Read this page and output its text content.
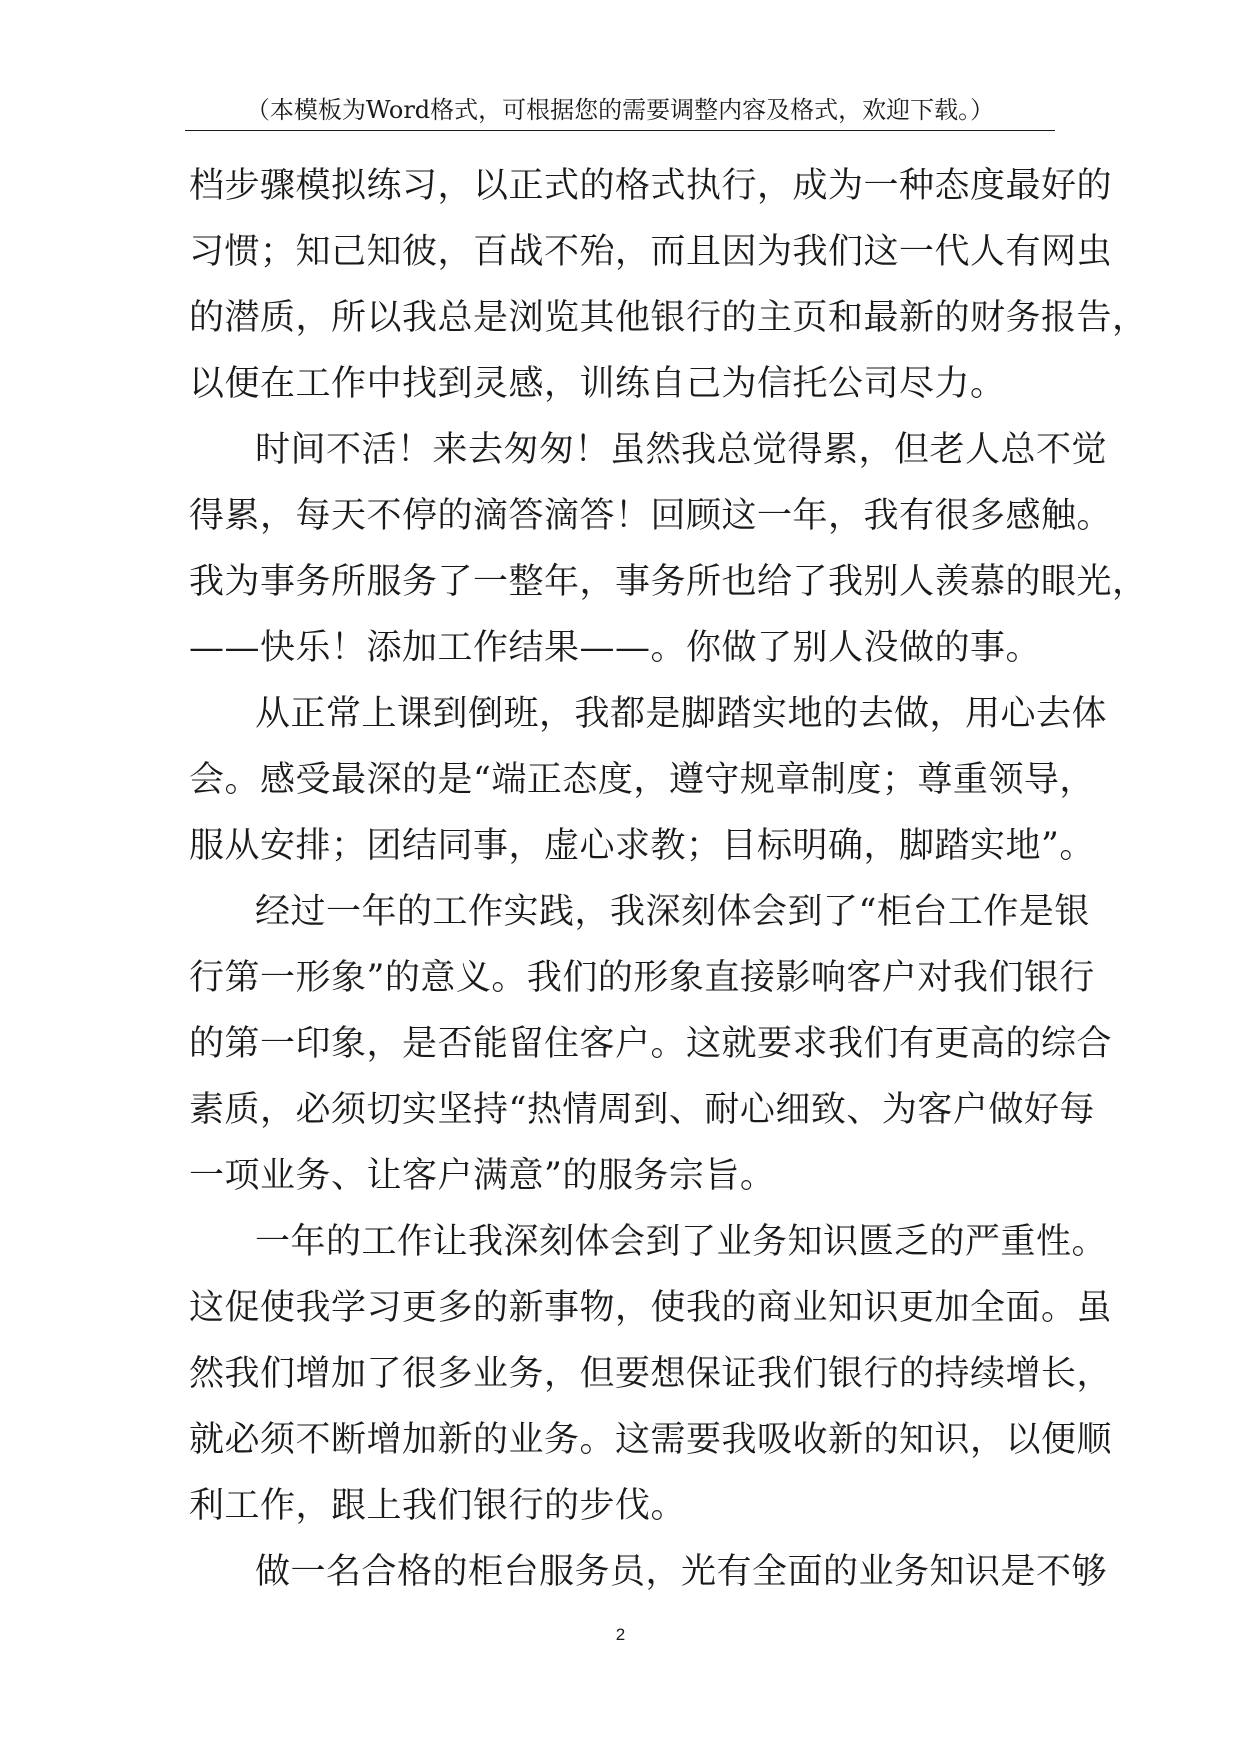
（本模板为Word格式，可根据您的需要调整内容及格式，欢迎下载。）

档步骤模拟练习，以正式的格式执行，成为一种态度最好的
习惯；知己知彼，百战不殆，而且因为我们这一代人有网虫
的潜质，所以我总是浏览其他银行的主页和最新的财务报告，
以便在工作中找到灵感，训练自己为信托公司尽力。

时间不活！来去匆匆！虽然我总觉得累，但老人总不觉
得累，每天不停的滴答滴答！回顾这一年，我有很多感触。
我为事务所服务了一整年，事务所也给了我别人羡慕的眼光，
——快乐！添加工作结果——。你做了别人没做的事。

从正常上课到倒班，我都是脚踏实地的去做，用心去体
会。感受最深的是“端正态度，遵守规章制度；尊重领导，
服从安排；团结同事，虚心求教；目标明确，脚踏实地”。

经过一年的工作实践，我深刻体会到了“柜台工作是银
行第一形象”的意义。我们的形象直接影响客户对我们银行
的第一印象，是否能留住客户。这就要求我们有更高的综合
素质，必须切实坚持“热情周到、耐心细致、为客户做好每
一项业务、让客户满意”的服务宗旨。

一年的工作让我深刻体会到了业务知识匮乏的严重性。
这促使我学习更多的新事物，使我的商业知识更加全面。虽
然我们增加了很多业务，但要想保证我们银行的持续增长，
就必须不断增加新的业务。这需要我吸收新的知识，以便顺
利工作，跟上我们银行的步伐。

做一名合格的柜台服务员，光有全面的业务知识是不够

2
